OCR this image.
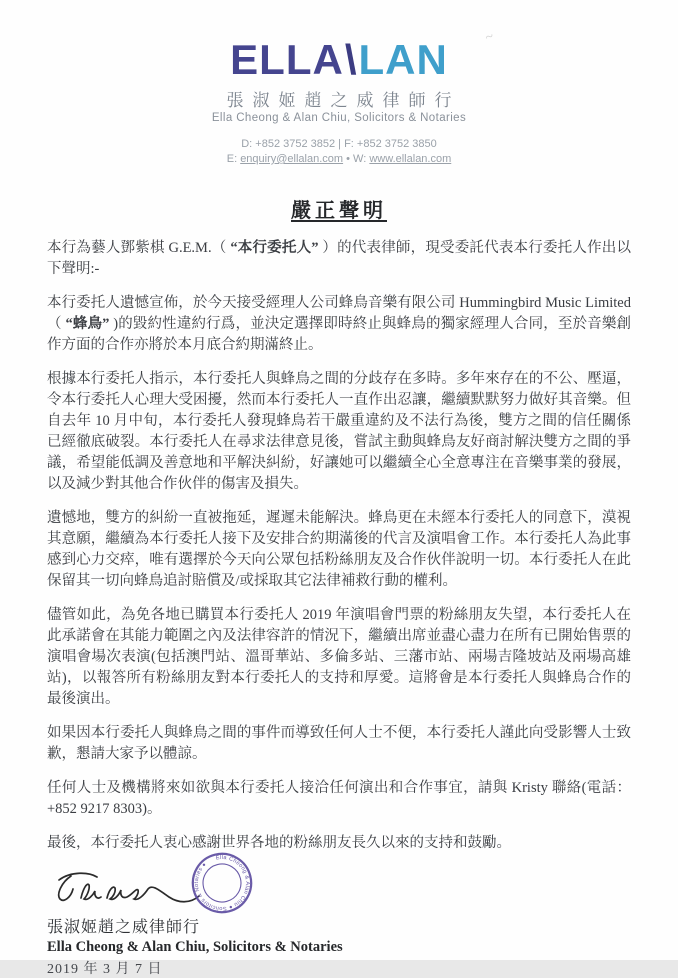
~
ELLA\LAN
張淑姬趙之威律師行
Ella Cheong & Alan Chiu, Solicitors & Notaries
D: +852 3752 3852 | F: +852 3752 3850
E: enquiry@ellalan.com • W: www.ellalan.com
嚴正聲明

本行為藝人鄧紫棋 G.E.M.（ “本行委托人” ）的代表律師，現受委託代表本行委托人作出以下聲明:-

本行委托人遺憾宣佈，於今天接受經理人公司蜂鳥音樂有限公司 Hummingbird Music Limited（ “蜂鳥” )的毀約性違約行爲，並決定選擇即時終止與蜂鳥的獨家經理人合同，至於音樂創作方面的合作亦將於本月底合約期滿終止。

根據本行委托人指示，本行委托人與蜂鳥之間的分歧存在多時。多年來存在的不公、壓逼，令本行委托人心理大受困擾，然而本行委托人一直作出忍讓，繼續默默努力做好其音樂。但自去年 10 月中旬，本行委托人發現蜂鳥若干嚴重違約及不法行為後，雙方之間的信任關係已經徹底破裂。本行委托人在尋求法律意見後，嘗試主動與蜂鳥友好商討解決雙方之間的爭議，希望能低調及善意地和平解決糾紛，好讓她可以繼續全心全意專注在音樂事業的發展，以及減少對其他合作伙伴的傷害及損失。

遺憾地，雙方的糾紛一直被拖延，遲遲未能解決。蜂鳥更在未經本行委托人的同意下，漠視其意願，繼續為本行委托人接下及安排合約期滿後的代言及演唱會工作。本行委托人為此事感到心力交瘁，唯有選擇於今天向公眾包括粉絲朋友及合作伙伴說明一切。本行委托人在此保留其一切向蜂鳥追討賠償及/或採取其它法律補救行動的權利。

儘管如此，為免各地已購買本行委托人 2019 年演唱會門票的粉絲朋友失望，本行委托人在此承諾會在其能力範圍之內及法律容許的情況下，繼續出席並盡心盡力在所有已開始售票的演唱會場次表演(包括澳門站、溫哥華站、多倫多站、三藩市站、兩場吉隆坡站及兩場高雄站)，以報答所有粉絲朋友對本行委托人的支持和厚愛。這將會是本行委托人與蜂鳥合作的最後演出。

如果因本行委托人與蜂鳥之間的事件而導致任何人士不便，本行委托人謹此向受影響人士致歉，懇請大家予以體諒。

任何人士及機構將來如欲與本行委托人接洽任何演出和合作事宜，請與 Kristy 聯絡(電話：+852 9217 8303)。

最後，本行委托人衷心感謝世界各地的粉絲朋友長久以來的支持和鼓勵。

Ella Cheong & Alan Chiu ● Solicitors & Notaries ●
張淑姬趙之威律師行
Ella Cheong & Alan Chiu, Solicitors & Notaries
2019 年 3 月 7 日
